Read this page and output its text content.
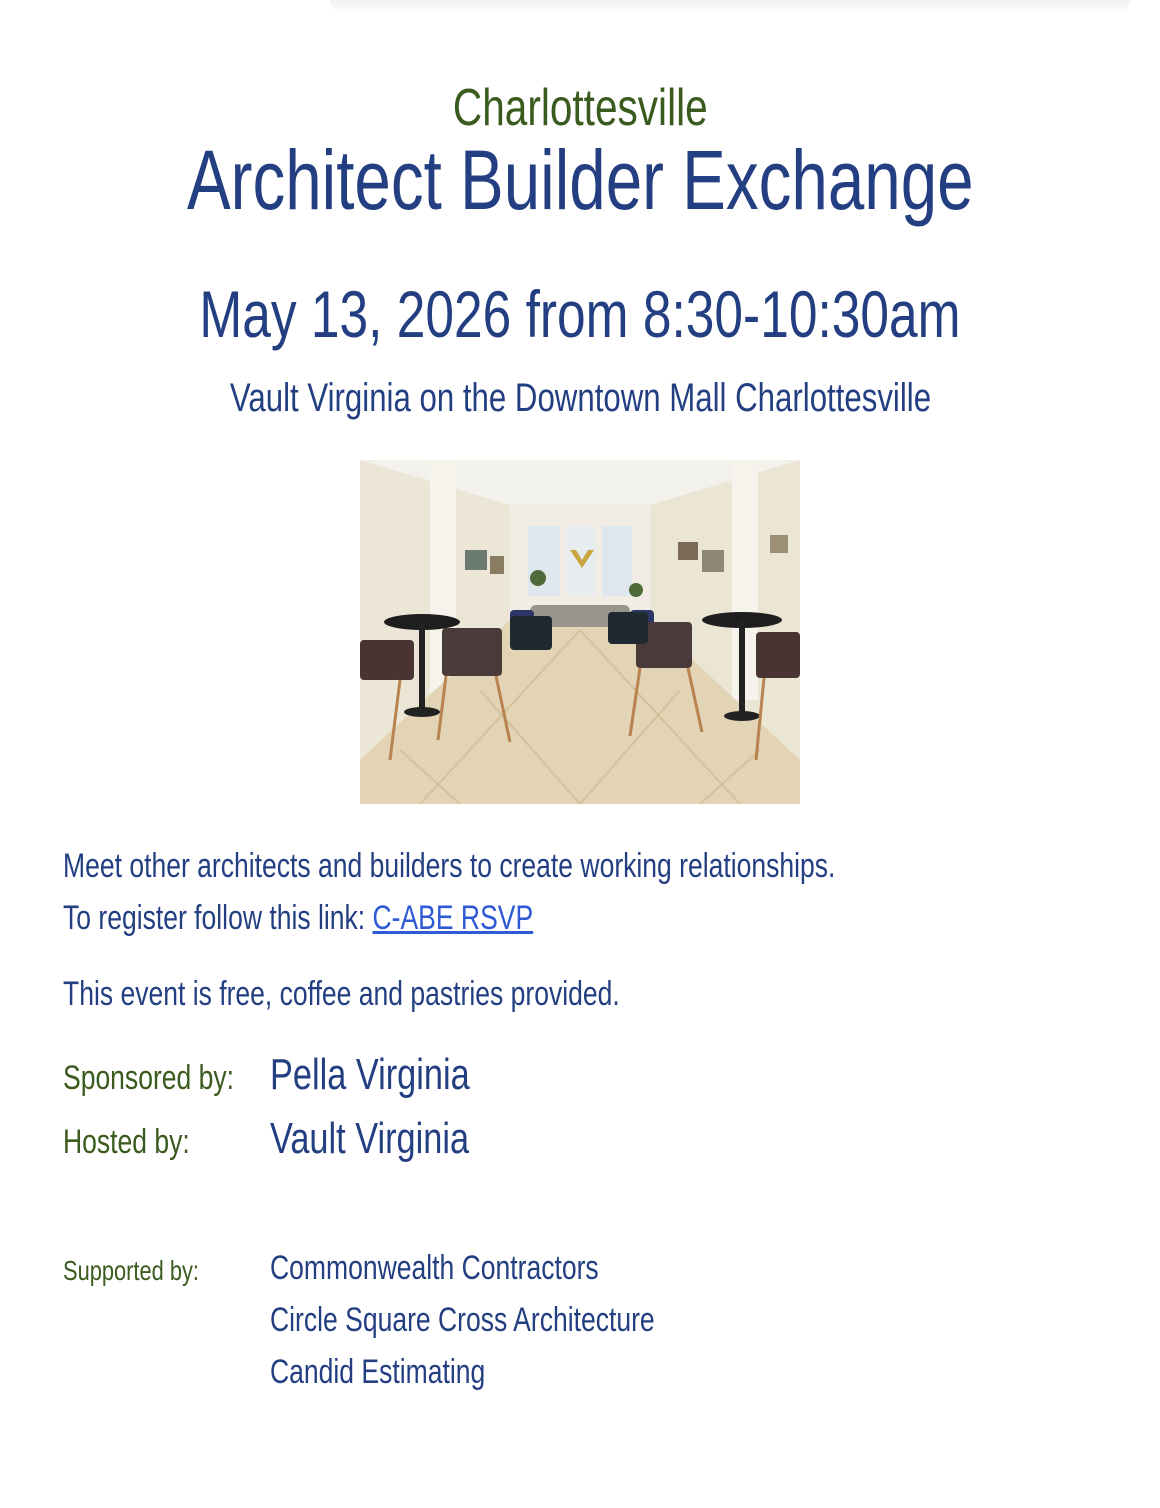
Charlottesville
Architect Builder Exchange
May 13, 2026 from 8:30-10:30am
Vault Virginia on the Downtown Mall Charlottesville
Meet other architects and builders to create working relationships.
To register follow this link: C-ABE RSVP
This event is free, coffee and pastries provided.
Sponsored by: Pella Virginia
Hosted by:	Vault Virginia
Supported by:	Commonwealth Contractors
Circle Square Cross Architecture
Candid Estimating
